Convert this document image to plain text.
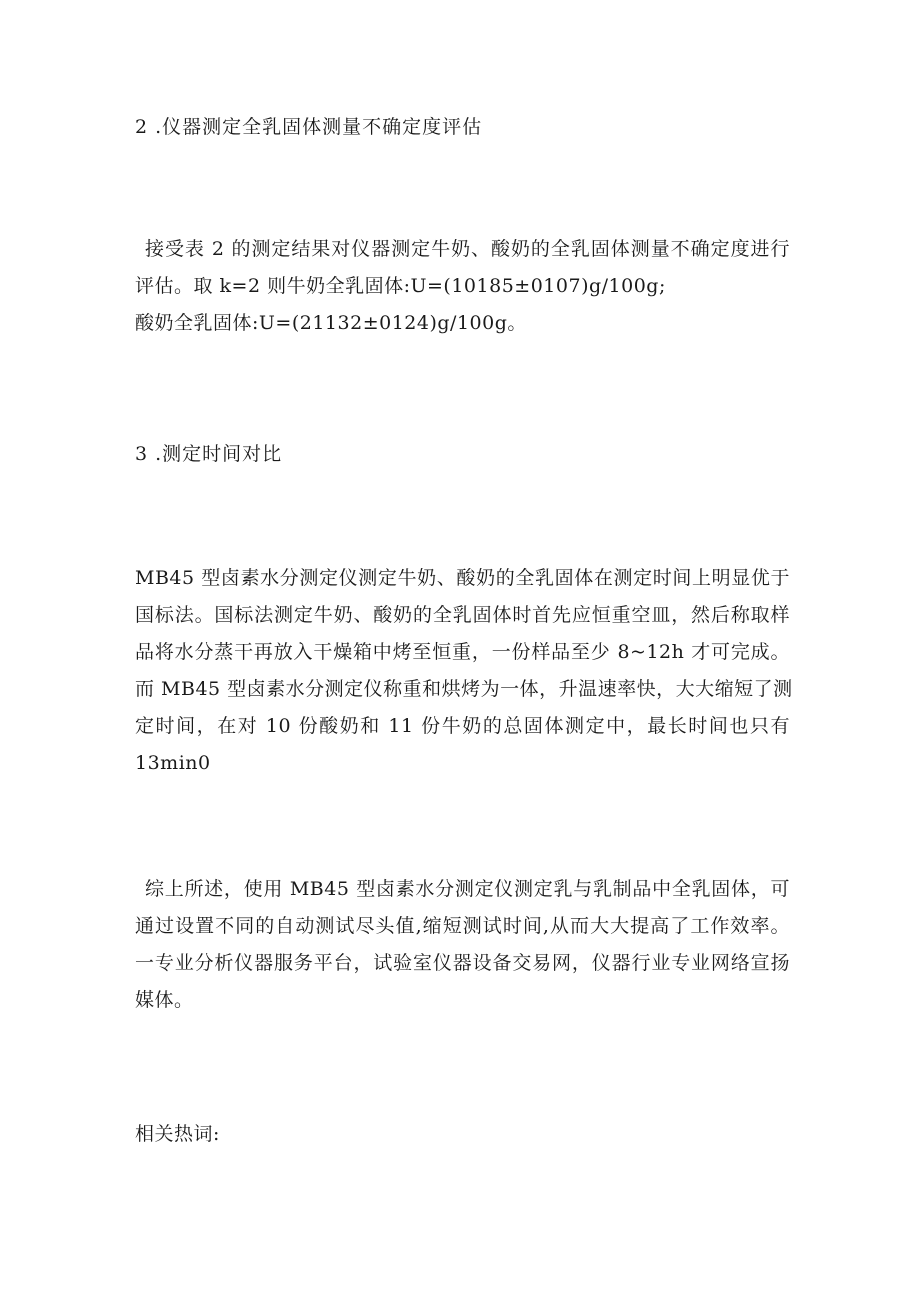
2 .仪器测定全乳固体测量不确定度评估
接受表 2 的测定结果对仪器测定牛奶、酸奶的全乳固体测量不确定度进行
评估。取 k=2 则牛奶全乳固体:U=(10185±0107)g/100g;
酸奶全乳固体:U=(21132±0124)g/100g。
3 .测定时间对比
MB45 型卤素水分测定仪测定牛奶、酸奶的全乳固体在测定时间上明显优于
国标法。国标法测定牛奶、酸奶的全乳固体时首先应恒重空皿，然后称取样
品将水分蒸干再放入干燥箱中烤至恒重，一份样品至少 8~12h 才可完成。
而 MB45 型卤素水分测定仪称重和烘烤为一体，升温速率快，大大缩短了测
定时间，在对 10 份酸奶和 11 份牛奶的总固体测定中，最长时间也只有
13min0
综上所述，使用 MB45 型卤素水分测定仪测定乳与乳制品中全乳固体，可
通过设置不同的自动测试尽头值,缩短测试时间,从而大大提高了工作效率。
一专业分析仪器服务平台，试验室仪器设备交易网，仪器行业专业网络宣扬
媒体。
相关热词:
